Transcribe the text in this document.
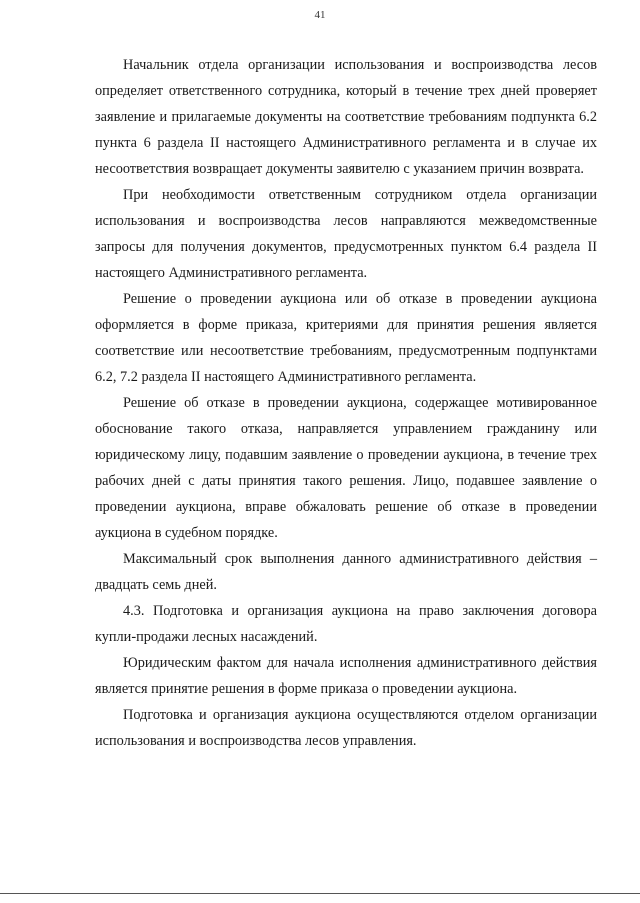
41

Начальник отдела организации использования и воспроизводства лесов определяет ответственного сотрудника, который в течение трех дней проверяет заявление и прилагаемые документы на соответствие требованиям подпункта 6.2 пункта 6 раздела II настоящего Административного регламента и в случае их несоответствия возвращает документы заявителю с указанием причин возврата.

При необходимости ответственным сотрудником отдела организации использования и воспроизводства лесов направляются межведомственные запросы для получения документов, предусмотренных пунктом 6.4 раздела II настоящего Административного регламента.

Решение о проведении аукциона или об отказе в проведении аукциона оформляется в форме приказа, критериями для принятия решения является соответствие или несоответствие требованиям, предусмотренным подпунктами 6.2, 7.2 раздела II настоящего Административного регламента.

Решение об отказе в проведении аукциона, содержащее мотивированное обоснование такого отказа, направляется управлением гражданину или юридическому лицу, подавшим заявление о проведении аукциона, в течение трех рабочих дней с даты принятия такого решения. Лицо, подавшее заявление о проведении аукциона, вправе обжаловать решение об отказе в проведении аукциона в судебном порядке.

Максимальный срок выполнения данного административного действия – двадцать семь дней.

4.3. Подготовка и организация аукциона на право заключения договора купли-продажи лесных насаждений.

Юридическим фактом для начала исполнения административного действия является принятие решения в форме приказа о проведении аукциона.

Подготовка и организация аукциона осуществляются отделом организации использования и воспроизводства лесов управления.
